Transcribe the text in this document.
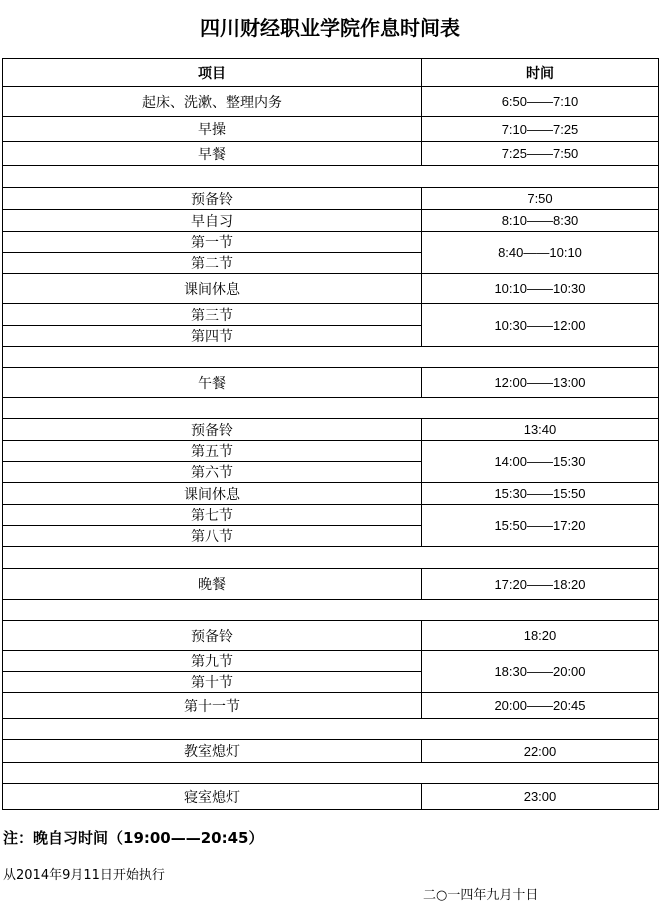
四川财经职业学院作息时间表
项目	时间
起床、洗漱、整理内务	6:50——7:10
早操	7:10——7:25
早餐	7:25——7:50

预备铃	7:50
早自习	8:10——8:30
第一节	8:40——10:10
第二节	
课间休息	10:10——10:30
第三节	10:30——12:00
第四节	

午餐	12:00——13:00

预备铃	13:40
第五节	14:00——15:30
第六节	
课间休息	15:30——15:50
第七节	15:50——17:20
第八节	

晚餐	17:20——18:20

预备铃	18:20
第九节	18:30——20:00
第十节	
第十一节	20:00——20:45

教室熄灯	22:00

寝室熄灯	23:00
注：晚自习时间（19:00——20:45）
从2014年9月11日开始执行
二○一四年九月十日
